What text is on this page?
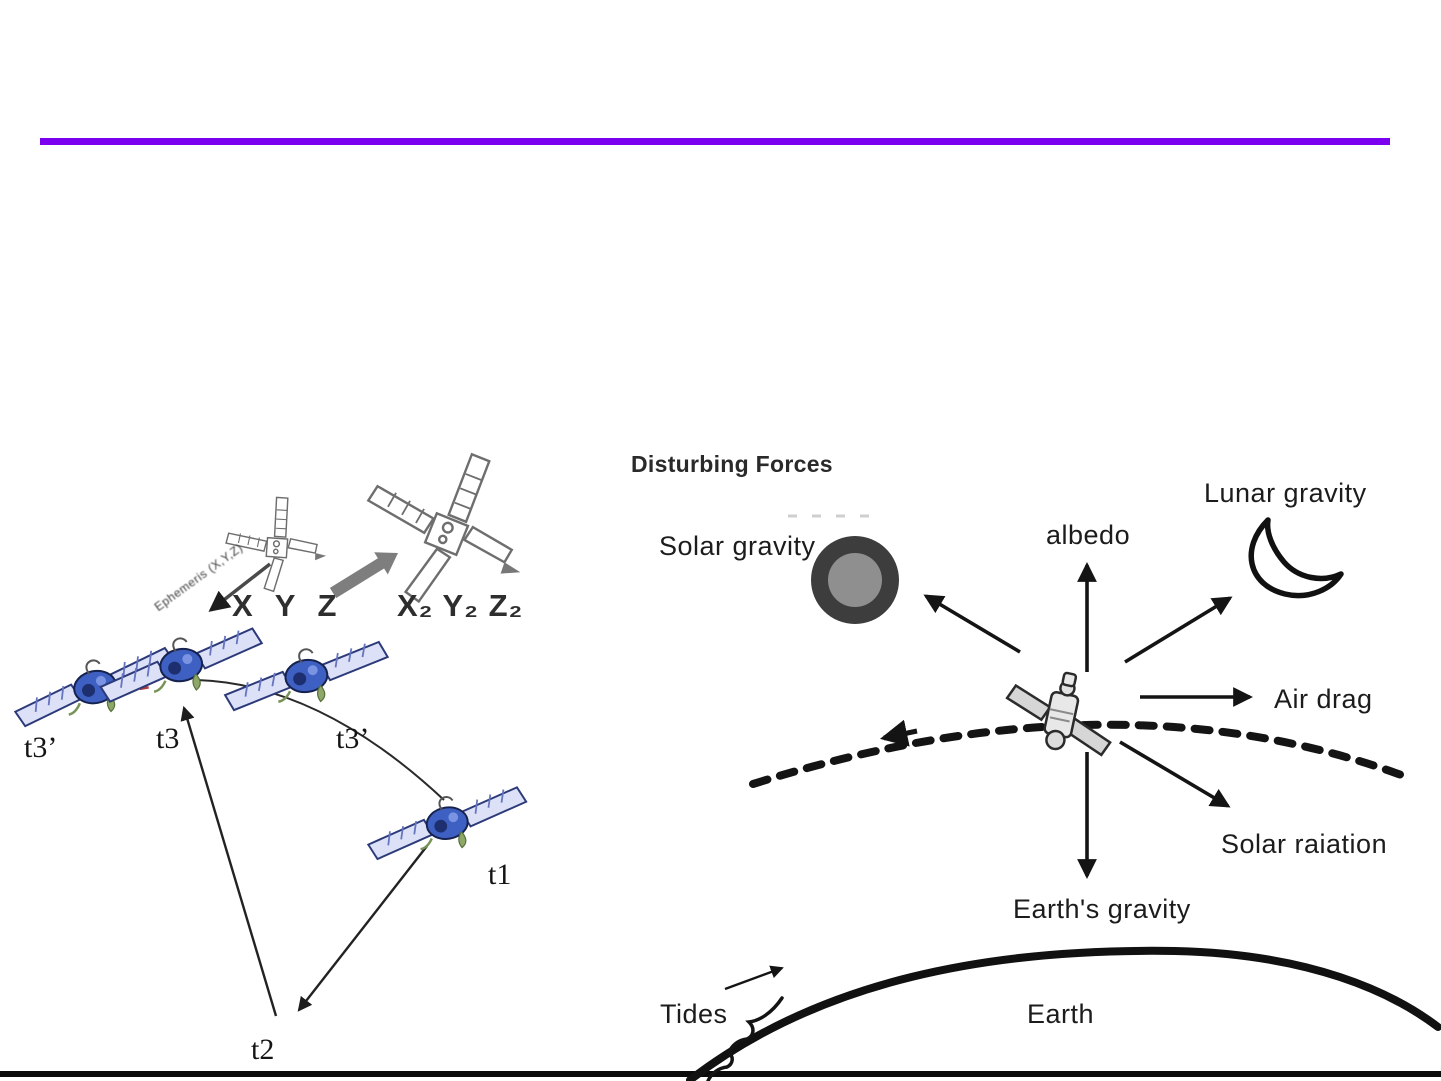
Ephemeris (X,Y,Z)
X Y Z X₂ Y₂ Z₂
t3’	t3	t3’
t1
t2
Disturbing Forces
Solar gravity	albedo
Lunar gravity
Air drag
Solar raiation
Earth's gravity
Tides	Earth
